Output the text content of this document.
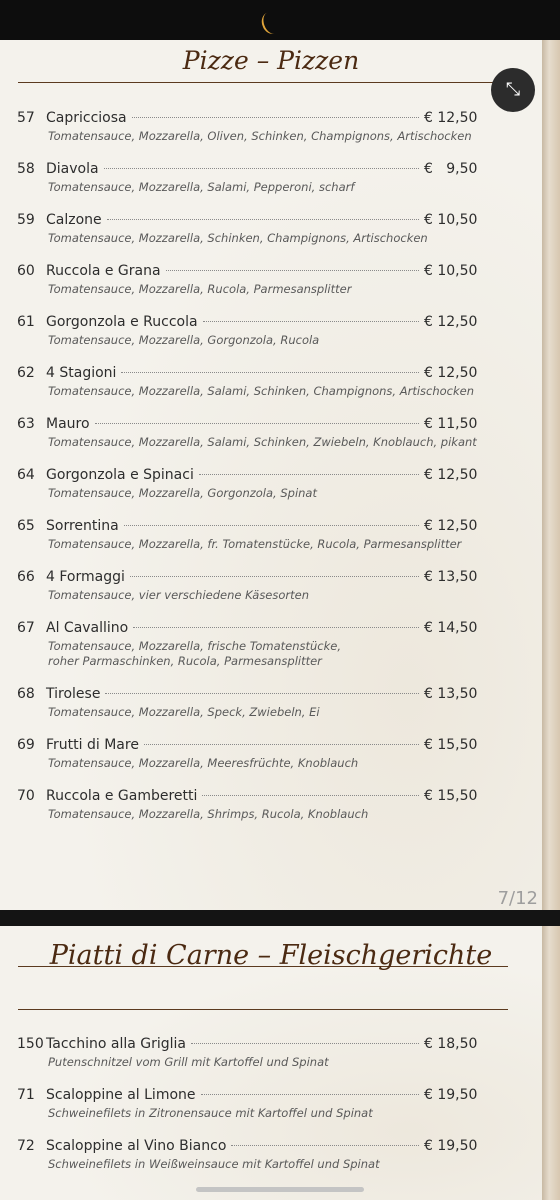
Pizze – Pizzen
57 Capricciosa	€ 12,50
Tomatensauce, Mozzarella, Oliven, Schinken, Champignons, Artischocken
58 Diavola	€   9,50
Tomatensauce, Mozzarella, Salami, Pepperoni, scharf
59 Calzone	€ 10,50
Tomatensauce, Mozzarella, Schinken, Champignons, Artischocken
60 Ruccola e Grana	€ 10,50
Tomatensauce, Mozzarella, Rucola, Parmesansplitter
61 Gorgonzola e Ruccola	€ 12,50
Tomatensauce, Mozzarella, Gorgonzola, Rucola
62 4 Stagioni	€ 12,50
Tomatensauce, Mozzarella, Salami, Schinken, Champignons, Artischocken
63 Mauro	€ 11,50
Tomatensauce, Mozzarella, Salami, Schinken, Zwiebeln, Knoblauch, pikant
64 Gorgonzola e Spinaci	€ 12,50
Tomatensauce, Mozzarella, Gorgonzola, Spinat
65 Sorrentina	€ 12,50
Tomatensauce, Mozzarella, fr. Tomatenstücke, Rucola, Parmesansplitter
66 4 Formaggi	€ 13,50
Tomatensauce, vier verschiedene Käsesorten
67 Al Cavallino	€ 14,50
Tomatensauce, Mozzarella, frische Tomatenstücke,
roher Parmaschinken, Rucola, Parmesansplitter
68 Tirolese	€ 13,50
Tomatensauce, Mozzarella, Speck, Zwiebeln, Ei
69 Frutti di Mare	€ 15,50
Tomatensauce, Mozzarella, Meeresfrüchte, Knoblauch
70 Ruccola e Gamberetti	€ 15,50
Tomatensauce, Mozzarella, Shrimps, Rucola, Knoblauch
7/12
⤡
Piatti di Carne – Fleischgerichte
150 Tacchino alla Griglia	€ 18,50
Putenschnitzel vom Grill mit Kartoffel und Spinat
71 Scaloppine al Limone	€ 19,50
Schweinefilets in Zitronensauce mit Kartoffel und Spinat
72 Scaloppine al Vino Bianco	€ 19,50
Schweinefilets in Weißweinsauce mit Kartoffel und Spinat
